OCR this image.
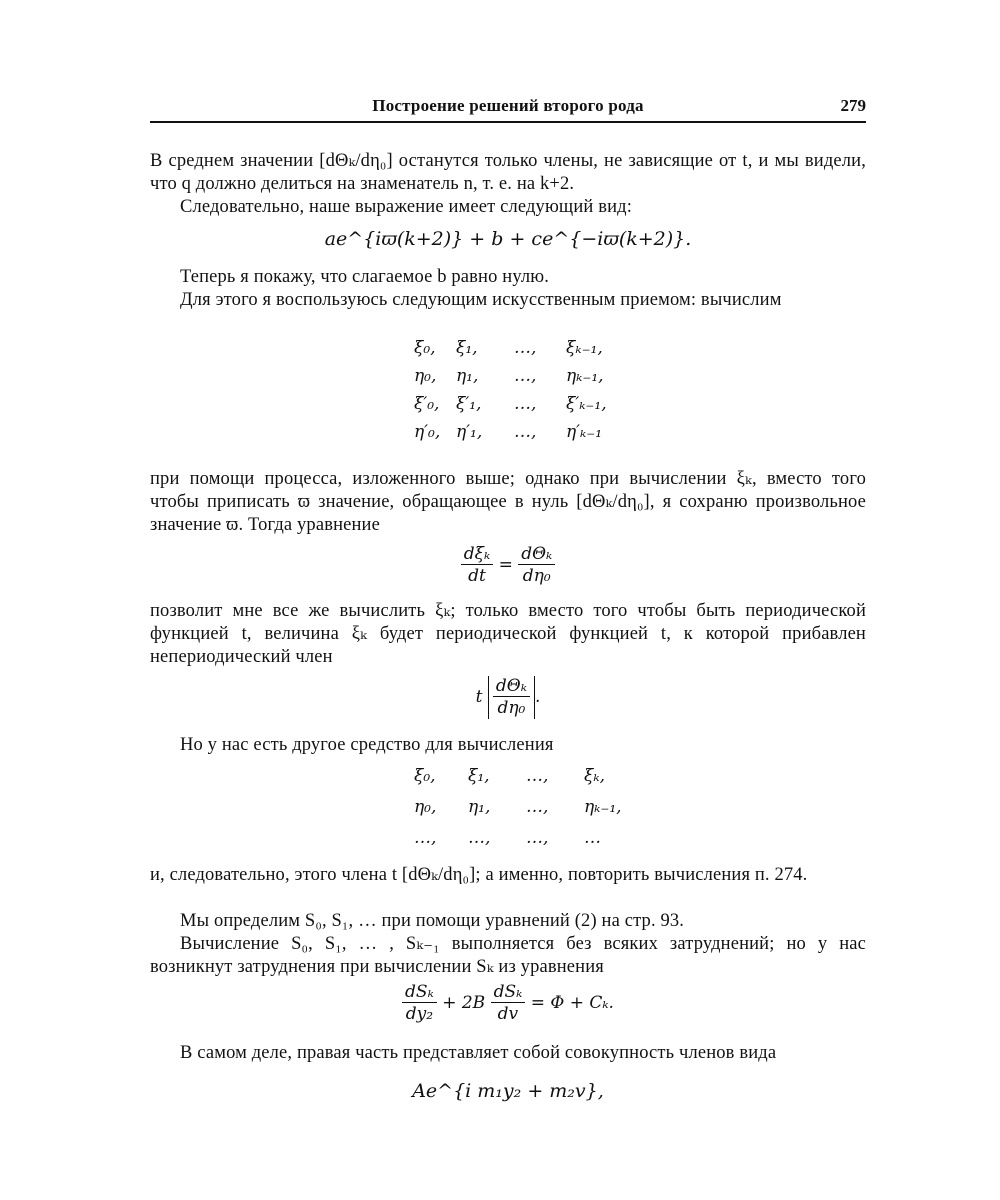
Построение решений второго рода	279
В среднем значении [dΘₖ/dη₀] останутся только члены, не зависящие от t, и мы видели, что q должно делиться на знаменатель n, т. е. на k+2.
Следовательно, наше выражение имеет следующий вид:
ae^{iϖ(k+2)} + b + ce^{−iϖ(k+2)}.
Теперь я покажу, что слагаемое b равно нулю.
Для этого я воспользуюсь следующим искусственным приемом: вычислим
ξ₀, ξ₁, …, ξₖ₋₁,
η₀, η₁, …, ηₖ₋₁,
ξ′₀, ξ′₁, …, ξ′ₖ₋₁,
η′₀, η′₁, …, η′ₖ₋₁
при помощи процесса, изложенного выше; однако при вычислении ξₖ, вместо того чтобы приписать ϖ значение, обращающее в нуль [dΘₖ/dη₀], я сохраню произвольное значение ϖ. Тогда уравнение
$\frac{\text{dξₖ}}{dt} = \frac{\text{dΘₖ}}{\text{dη₀}}$
позволит мне все же вычислить ξₖ; только вместо того чтобы быть периодической функцией t, величина ξₖ будет периодической функцией t, к которой прибавлен непериодический член
t $\frac{\text{dΘₖ}}{\text{dη₀}}$ .
Но у нас есть другое средство для вычисления
ξ₀, ξ₁, …, ξₖ,
η₀, η₁, …, ηₖ₋₁,
…, …, …, …
и, следовательно, этого члена t [dΘₖ/dη₀]; а именно, повторить вычисления п. 274.
Мы определим S₀, S₁, … при помощи уравнений (2) на стр. 93.
Вычисление S₀, S₁, … , Sₖ₋₁ выполняется без всяких затруднений; но у нас возникнут затруднения при вычислении Sₖ из уравнения
$\frac{\text{dSₖ}}{\text{dy₂}} + 2B \frac{\text{dSₖ}}{dv} = \Phi + C_k$.
В самом деле, правая часть представляет собой совокупность членов вида
Ae^{i m₁y₂ + m₂v},
